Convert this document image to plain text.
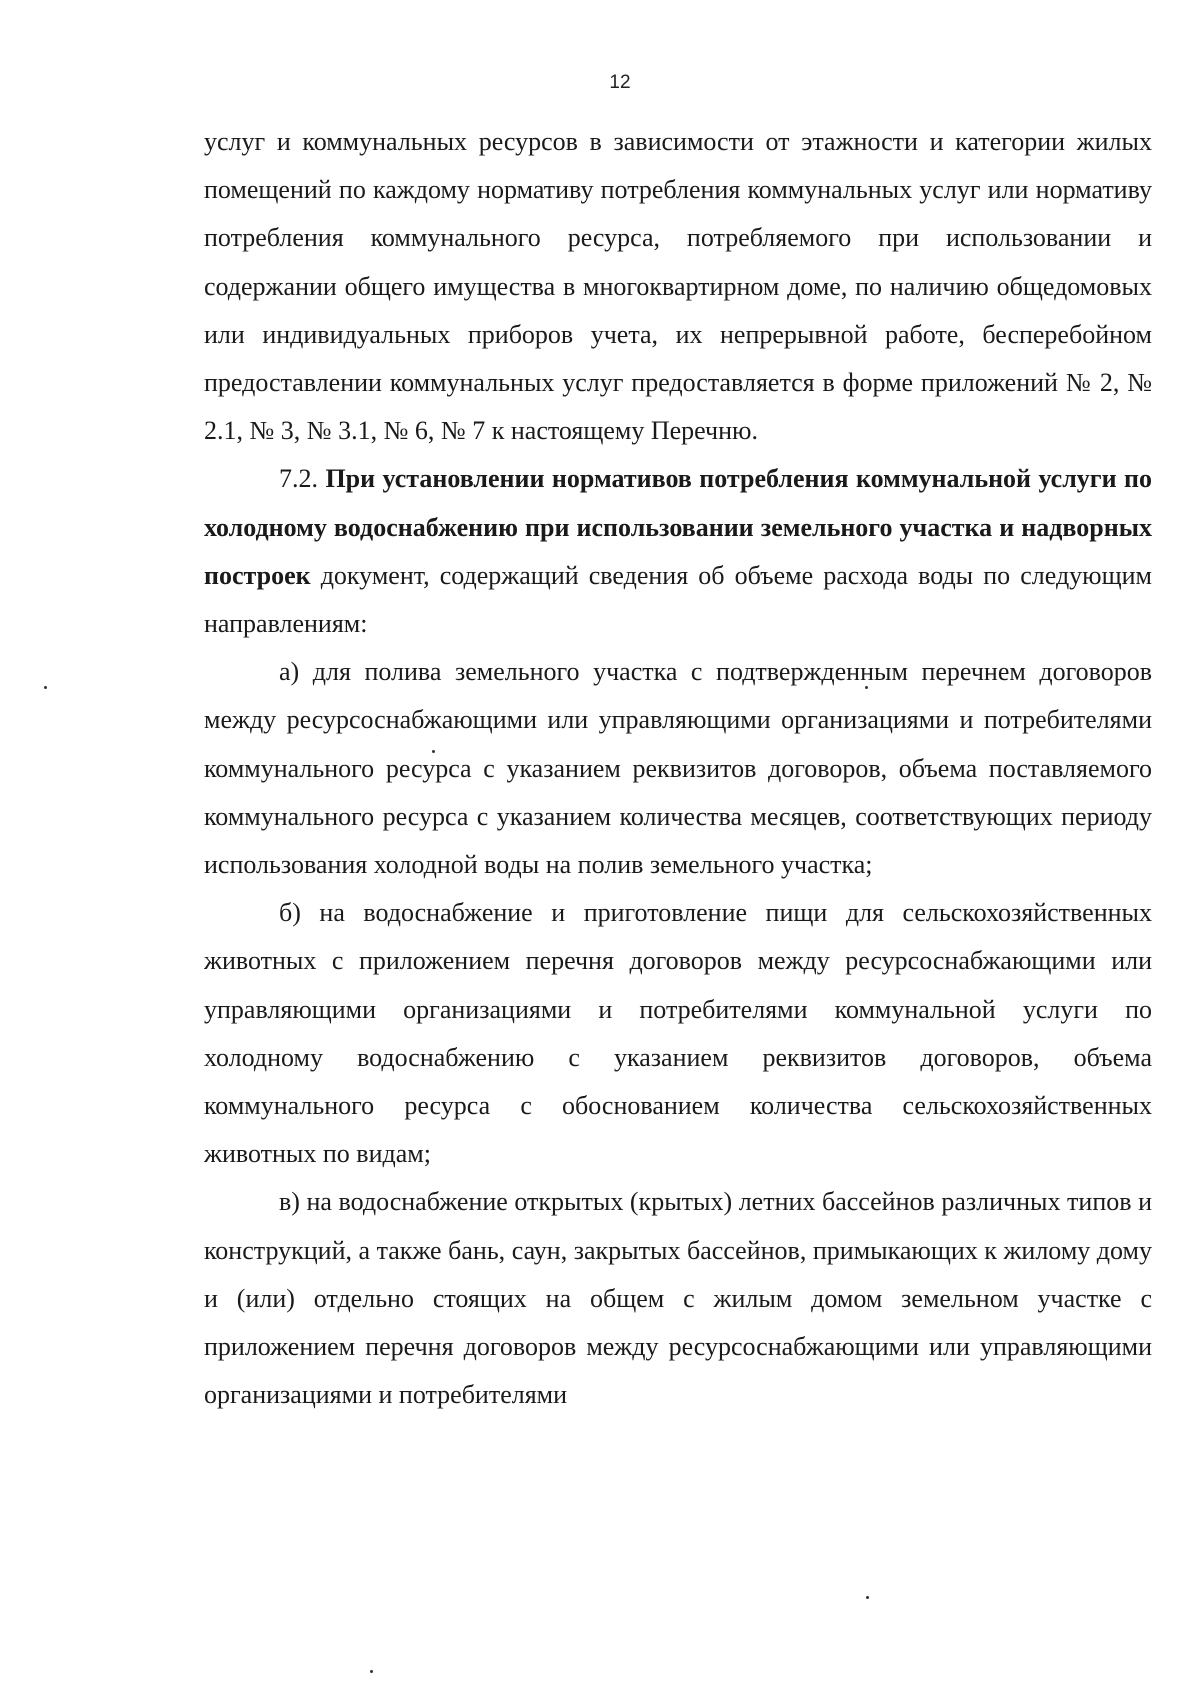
12

услуг и коммунальных ресурсов в зависимости от этажности и категории жилых помещений по каждому нормативу потребления коммунальных услуг или нормативу потребления коммунального ресурса, потребляемого при использовании и содержании общего имущества в многоквартирном доме, по наличию общедомовых или индивидуальных приборов учета, их непрерывной работе, бесперебойном предоставлении коммунальных услуг предоставляется в форме приложений № 2, № 2.1, № 3, № 3.1, № 6, № 7 к настоящему Перечню.

7.2. При установлении нормативов потребления коммунальной услуги по холодному водоснабжению при использовании земельного участка и надворных построек документ, содержащий сведения об объеме расхода воды по следующим направлениям:

а) для полива земельного участка с подтвержденным перечнем договоров между ресурсоснабжающими или управляющими организациями и потребителями коммунального ресурса с указанием реквизитов договоров, объема поставляемого коммунального ресурса с указанием количества месяцев, соответствующих периоду использования холодной воды на полив земельного участка;

б) на водоснабжение и приготовление пищи для сельскохозяйственных животных с приложением перечня договоров между ресурсоснабжающими или управляющими организациями и потребителями коммунальной услуги по холодному водоснабжению с указанием реквизитов договоров, объема коммунального ресурса с обоснованием количества сельскохозяйственных животных по видам;

в) на водоснабжение открытых (крытых) летних бассейнов различных типов и конструкций, а также бань, саун, закрытых бассейнов, примыкающих к жилому дому и (или) отдельно стоящих на общем с жилым домом земельном участке с приложением перечня договоров между ресурсоснабжающими или управляющими организациями и потребителями
